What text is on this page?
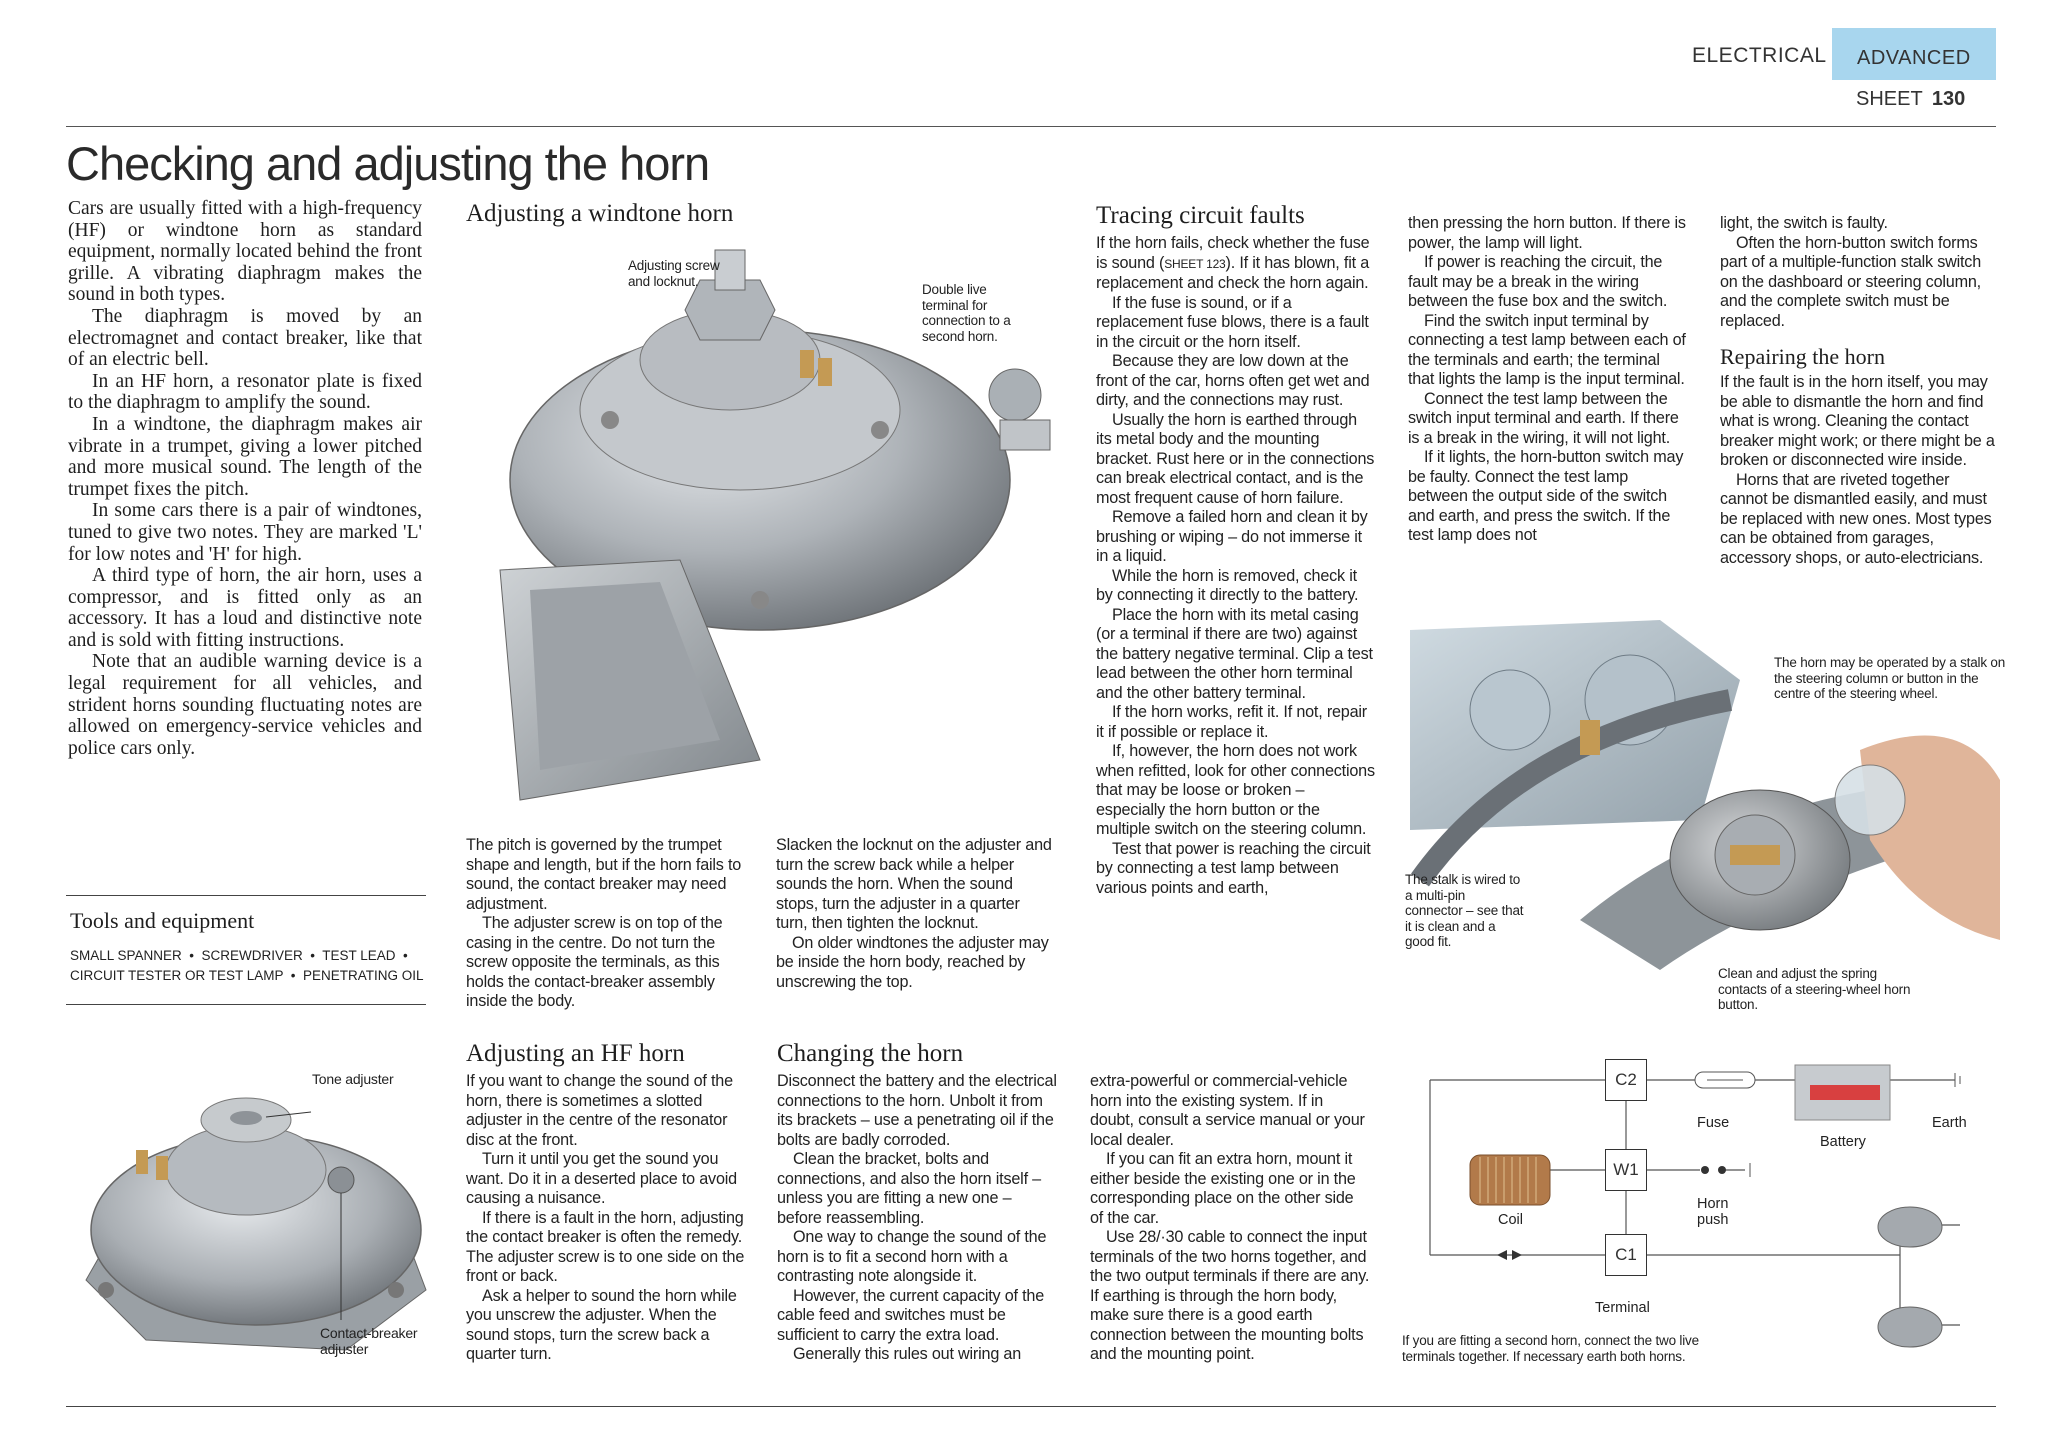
ELECTRICAL ADVANCED
SHEET 130
Checking and adjusting the horn

Cars are usually fitted with a high-frequency (HF) or windtone horn as standard equipment, normally located behind the front grille. A vibrating diaphragm makes the sound in both types.

The diaphragm is moved by an electromagnet and contact breaker, like that of an electric bell.

In an HF horn, a resonator plate is fixed to the diaphragm to amplify the sound.

In a windtone, the diaphragm makes air vibrate in a trumpet, giving a lower pitched and more musical sound. The length of the trumpet fixes the pitch.

In some cars there is a pair of windtones, tuned to give two notes. They are marked 'L' for low notes and 'H' for high.

A third type of horn, the air horn, uses a compressor, and is fitted only as an accessory. It has a loud and distinctive note and is sold with fitting instructions.

Note that an audible warning device is a legal requirement for all vehicles, and strident horns sounding fluctuating notes are allowed on emergency-service vehicles and police cars only.

Tools and equipment
SMALL SPANNER  •  SCREWDRIVER  •  TEST LEAD  •
CIRCUIT TESTER OR TEST LAMP  •  PENETRATING OIL
Adjusting a windtone horn
Adjusting screw and locknut.
Double live terminal for connection to a second horn.

The pitch is governed by the trumpet shape and length, but if the horn fails to sound, the contact breaker may need adjustment.

The adjuster screw is on top of the casing in the centre. Do not turn the screw opposite the terminals, as this holds the contact-breaker assembly inside the body.

Slacken the locknut on the adjuster and turn the screw back while a helper sounds the horn. When the sound stops, turn the adjuster in a quarter turn, then tighten the locknut.

On older windtones the adjuster may be inside the horn body, reached by unscrewing the top.

Tone adjuster
Contact-breaker adjuster
Adjusting an HF horn

If you want to change the sound of the horn, there is sometimes a slotted adjuster in the centre of the resonator disc at the front.

Turn it until you get the sound you want. Do it in a deserted place to avoid causing a nuisance.

If there is a fault in the horn, adjusting the contact breaker is often the remedy. The adjuster screw is to one side on the front or back.

Ask a helper to sound the horn while you unscrew the adjuster. When the sound stops, turn the screw back a quarter turn.

Changing the horn

Disconnect the battery and the electrical connections to the horn. Unbolt it from its brackets – use a penetrating oil if the bolts are badly corroded.

Clean the bracket, bolts and connections, and also the horn itself – unless you are fitting a new one – before reassembling.

One way to change the sound of the horn is to fit a second horn with a contrasting note alongside it.

However, the current capacity of the cable feed and switches must be sufficient to carry the extra load.

Generally this rules out wiring an

Tracing circuit faults

If the horn fails, check whether the fuse is sound (SHEET 123). If it has blown, fit a replacement and check the horn again.

If the fuse is sound, or if a replacement fuse blows, there is a fault in the circuit or the horn itself.

Because they are low down at the front of the car, horns often get wet and dirty, and the connections may rust.

Usually the horn is earthed through its metal body and the mounting bracket. Rust here or in the connections can break electrical contact, and is the most frequent cause of horn failure.

Remove a failed horn and clean it by brushing or wiping – do not immerse it in a liquid.

While the horn is removed, check it by connecting it directly to the battery.

Place the horn with its metal casing (or a terminal if there are two) against the battery negative terminal. Clip a test lead between the other horn terminal and the other battery terminal.

If the horn works, refit it. If not, repair it if possible or replace it.

If, however, the horn does not work when refitted, look for other connections that may be loose or broken – especially the horn button or the multiple switch on the steering column.

Test that power is reaching the circuit by connecting a test lamp between various points and earth,

extra-powerful or commercial-vehicle horn into the existing system. If in doubt, consult a service manual or your local dealer.

If you can fit an extra horn, mount it either beside the existing one or in the corresponding place on the other side of the car.

Use 28/·30 cable to connect the input terminals of the two horns together, and the two output terminals if there are any. If earthing is through the horn body, make sure there is a good earth connection between the mounting bolts and the mounting point.

then pressing the horn button. If there is power, the lamp will light.

If power is reaching the circuit, the fault may be a break in the wiring between the fuse box and the switch.

Find the switch input terminal by connecting a test lamp between each of the terminals and earth; the terminal that lights the lamp is the input terminal.

Connect the test lamp between the switch input terminal and earth. If there is a break in the wiring, it will not light.

If it lights, the horn-button switch may be faulty. Connect the test lamp between the output side of the switch and earth, and press the switch. If the test lamp does not

light, the switch is faulty.

Often the horn-button switch forms part of a multiple-function stalk switch on the dashboard or steering column, and the complete switch must be replaced.

Repairing the horn

If the fault is in the horn itself, you may be able to dismantle the horn and find what is wrong. Cleaning the contact breaker might work; or there might be a broken or disconnected wire inside.

Horns that are riveted together cannot be dismantled easily, and must be replaced with new ones. Most types can be obtained from garages, accessory shops, or auto-electricians.

The horn may be operated by a stalk on the steering column or button in the centre of the steering wheel.
The stalk is wired to a multi-pin connector – see that it is clean and a good fit.
Clean and adjust the spring contacts of a steering-wheel horn button.
C2
W1
C1
Fuse
Battery
Earth
Coil
Horn push
Terminal
If you are fitting a second horn, connect the two live terminals together. If necessary earth both horns.
